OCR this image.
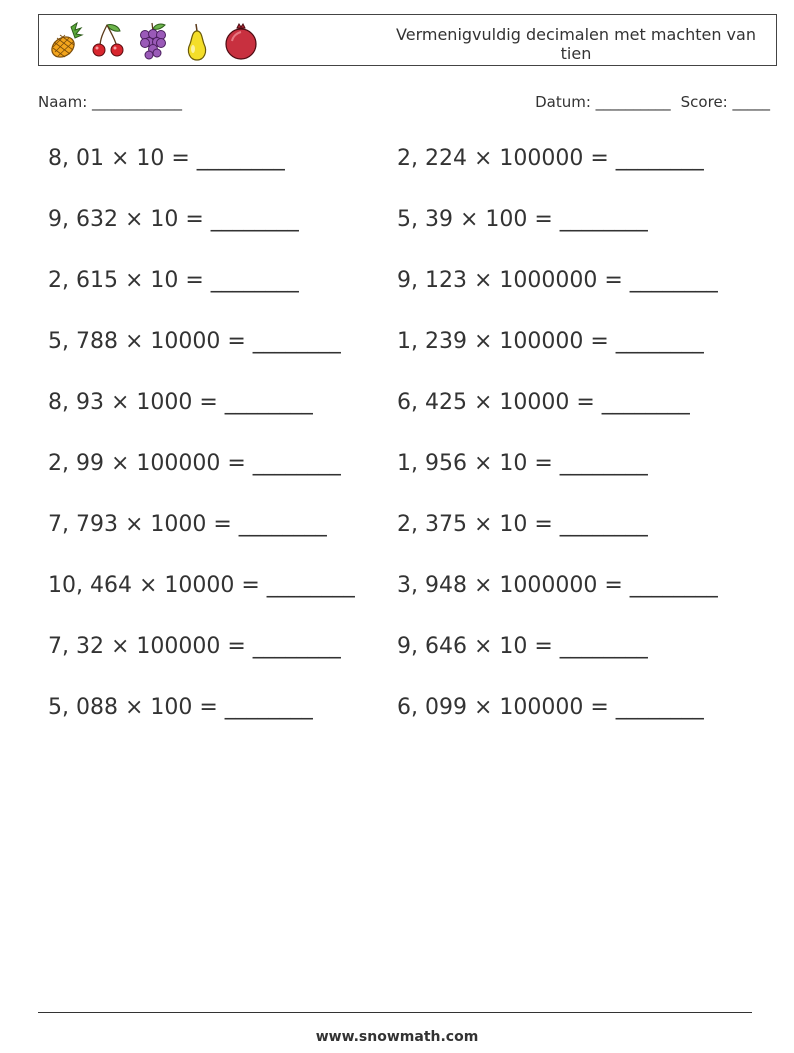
Vermenigvuldig decimalen met machten van tien
Naam: ____________	Datum: __________ Score: _____
8, 01 × 10 = ________
9, 632 × 10 = ________
2, 615 × 10 = ________
5, 788 × 10000 = ________
8, 93 × 1000 = ________
2, 99 × 100000 = ________
7, 793 × 1000 = ________
10, 464 × 10000 = ________
7, 32 × 100000 = ________
5, 088 × 100 = ________
2, 224 × 100000 = ________
5, 39 × 100 = ________
9, 123 × 1000000 = ________
1, 239 × 100000 = ________
6, 425 × 10000 = ________
1, 956 × 10 = ________
2, 375 × 10 = ________
3, 948 × 1000000 = ________
9, 646 × 10 = ________
6, 099 × 100000 = ________
www.snowmath.com
